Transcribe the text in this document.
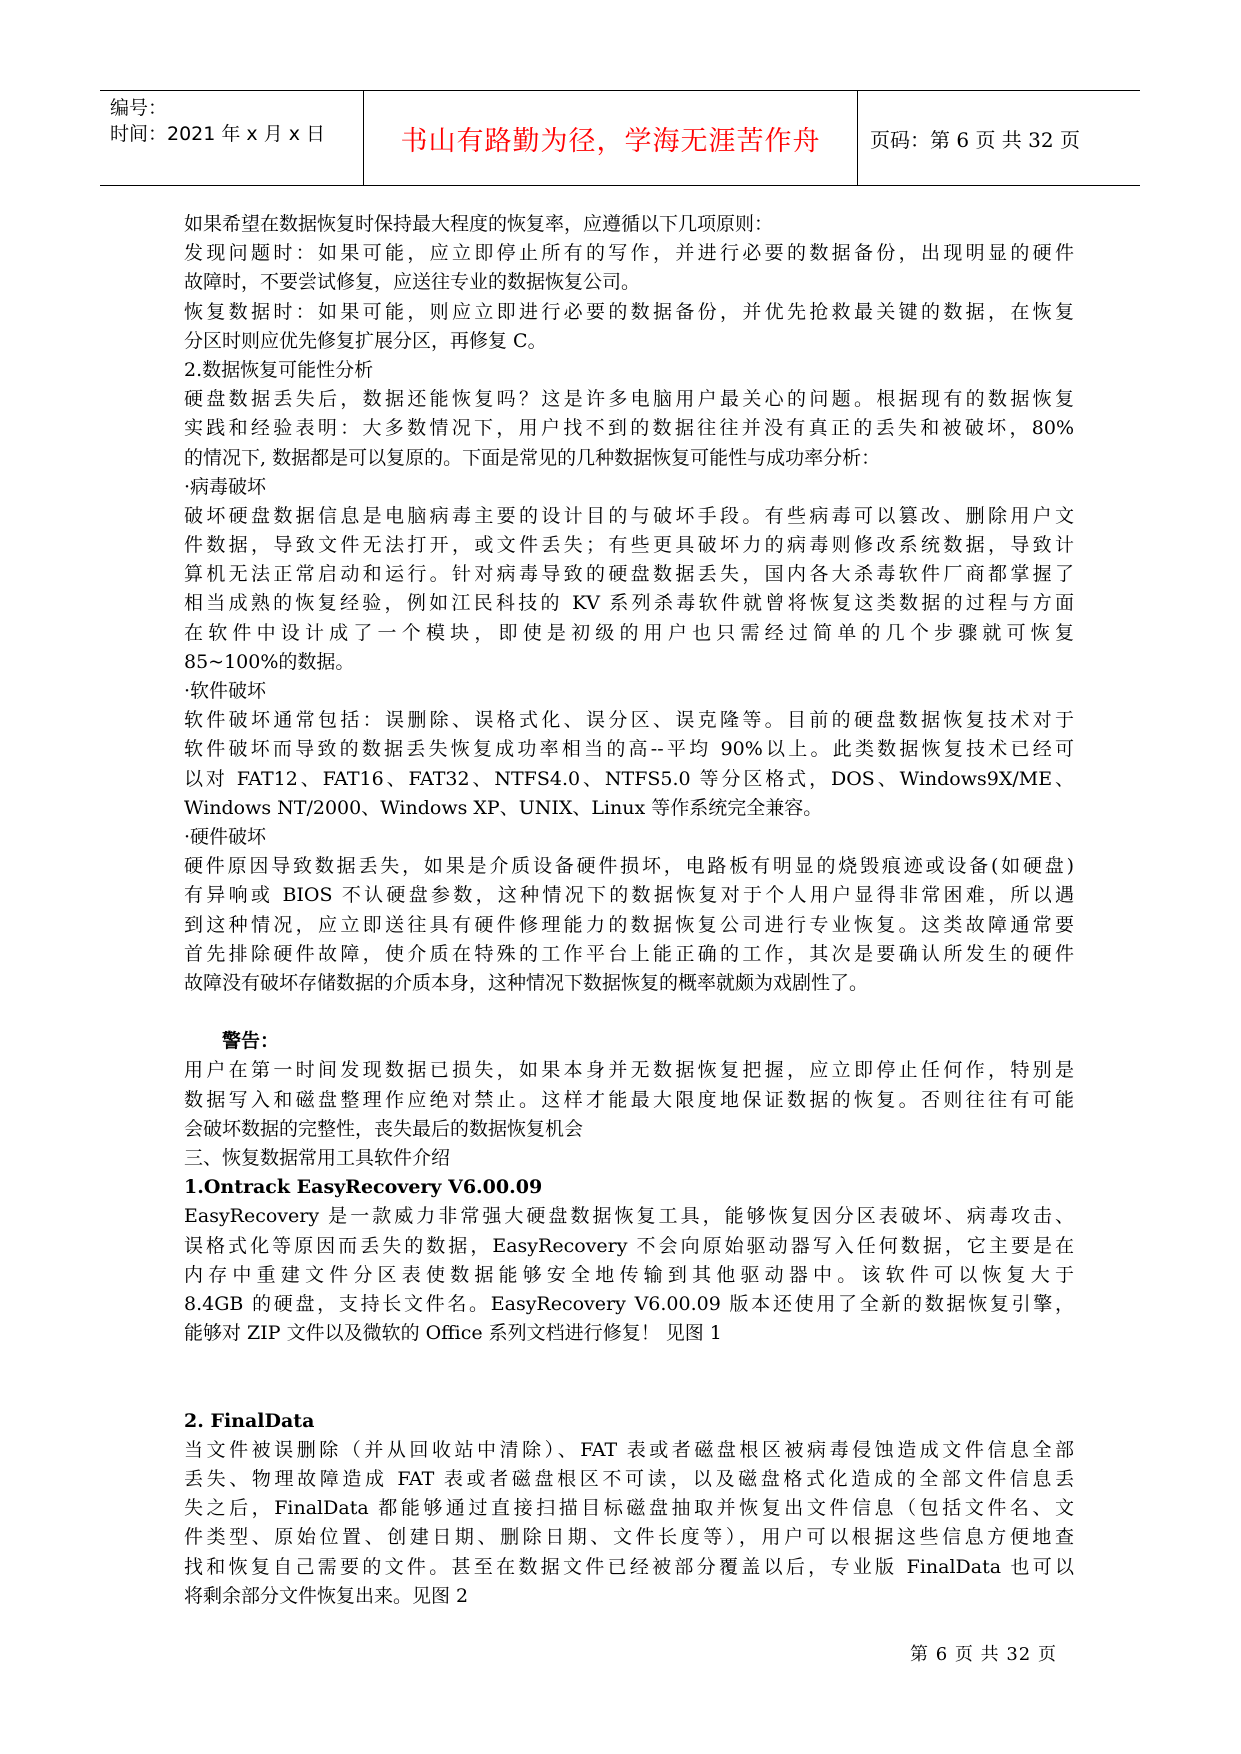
编号：
时间：2021 年 x 月 x 日	书山有路勤为径，学海无涯苦作舟	页码：第 6 页 共 32 页
如果希望在数据恢复时保持最大程度的恢复率，应遵循以下几项原则：
发现问题时：如果可能，应立即停止所有的写作，并进行必要的数据备份，出现明显的硬件
故障时，不要尝试修复，应送往专业的数据恢复公司。
恢复数据时：如果可能，则应立即进行必要的数据备份，并优先抢救最关键的数据，在恢复
分区时则应优先修复扩展分区，再修复 C。
2.数据恢复可能性分析
硬盘数据丢失后，数据还能恢复吗？这是许多电脑用户最关心的问题。根据现有的数据恢复
实践和经验表明：大多数情况下，用户找不到的数据往往并没有真正的丢失和被破坏，80%
的情况下, 数据都是可以复原的。下面是常见的几种数据恢复可能性与成功率分析：
·病毒破坏
破坏硬盘数据信息是电脑病毒主要的设计目的与破坏手段。有些病毒可以篡改、删除用户文
件数据，导致文件无法打开，或文件丢失；有些更具破坏力的病毒则修改系统数据，导致计
算机无法正常启动和运行。针对病毒导致的硬盘数据丢失，国内各大杀毒软件厂商都掌握了
相当成熟的恢复经验，例如江民科技的 KV 系列杀毒软件就曾将恢复这类数据的过程与方面
在软件中设计成了一个模块，即使是初级的用户也只需经过简单的几个步骤就可恢复
85~100%的数据。
·软件破坏
软件破坏通常包括：误删除、误格式化、误分区、误克隆等。目前的硬盘数据恢复技术对于
软件破坏而导致的数据丢失恢复成功率相当的高--平均 90%以上。此类数据恢复技术已经可
以对 FAT12、FAT16、FAT32、NTFS4.0、NTFS5.0 等分区格式，DOS、Windows9X/ME、
Windows NT/2000、Windows XP、UNIX、Linux 等作系统完全兼容。
·硬件破坏
硬件原因导致数据丢失，如果是介质设备硬件损坏，电路板有明显的烧毁痕迹或设备(如硬盘)
有异响或 BIOS 不认硬盘参数，这种情况下的数据恢复对于个人用户显得非常困难，所以遇
到这种情况，应立即送往具有硬件修理能力的数据恢复公司进行专业恢复。这类故障通常要
首先排除硬件故障，使介质在特殊的工作平台上能正确的工作，其次是要确认所发生的硬件
故障没有破坏存储数据的介质本身，这种情况下数据恢复的概率就颇为戏剧性了。
警告：
用户在第一时间发现数据已损失，如果本身并无数据恢复把握，应立即停止任何作，特别是
数据写入和磁盘整理作应绝对禁止。这样才能最大限度地保证数据的恢复。否则往往有可能
会破坏数据的完整性，丧失最后的数据恢复机会
三、恢复数据常用工具软件介绍
1.Ontrack EasyRecovery V6.00.09
EasyRecovery 是一款威力非常强大硬盘数据恢复工具，能够恢复因分区表破坏、病毒攻击、
误格式化等原因而丢失的数据，EasyRecovery 不会向原始驱动器写入任何数据，它主要是在
内存中重建文件分区表使数据能够安全地传输到其他驱动器中。该软件可以恢复大于
8.4GB 的硬盘，支持长文件名。EasyRecovery V6.00.09 版本还使用了全新的数据恢复引擎，
能够对 ZIP 文件以及微软的 Office 系列文档进行修复！ 见图 1
2. FinalData
当文件被误删除（并从回收站中清除）、FAT 表或者磁盘根区被病毒侵蚀造成文件信息全部
丢失、物理故障造成 FAT 表或者磁盘根区不可读，以及磁盘格式化造成的全部文件信息丢
失之后，FinalData 都能够通过直接扫描目标磁盘抽取并恢复出文件信息（包括文件名、文
件类型、原始位置、创建日期、删除日期、文件长度等），用户可以根据这些信息方便地查
找和恢复自己需要的文件。甚至在数据文件已经被部分覆盖以后，专业版 FinalData 也可以
将剩余部分文件恢复出来。见图 2
第 6 页 共 32 页
